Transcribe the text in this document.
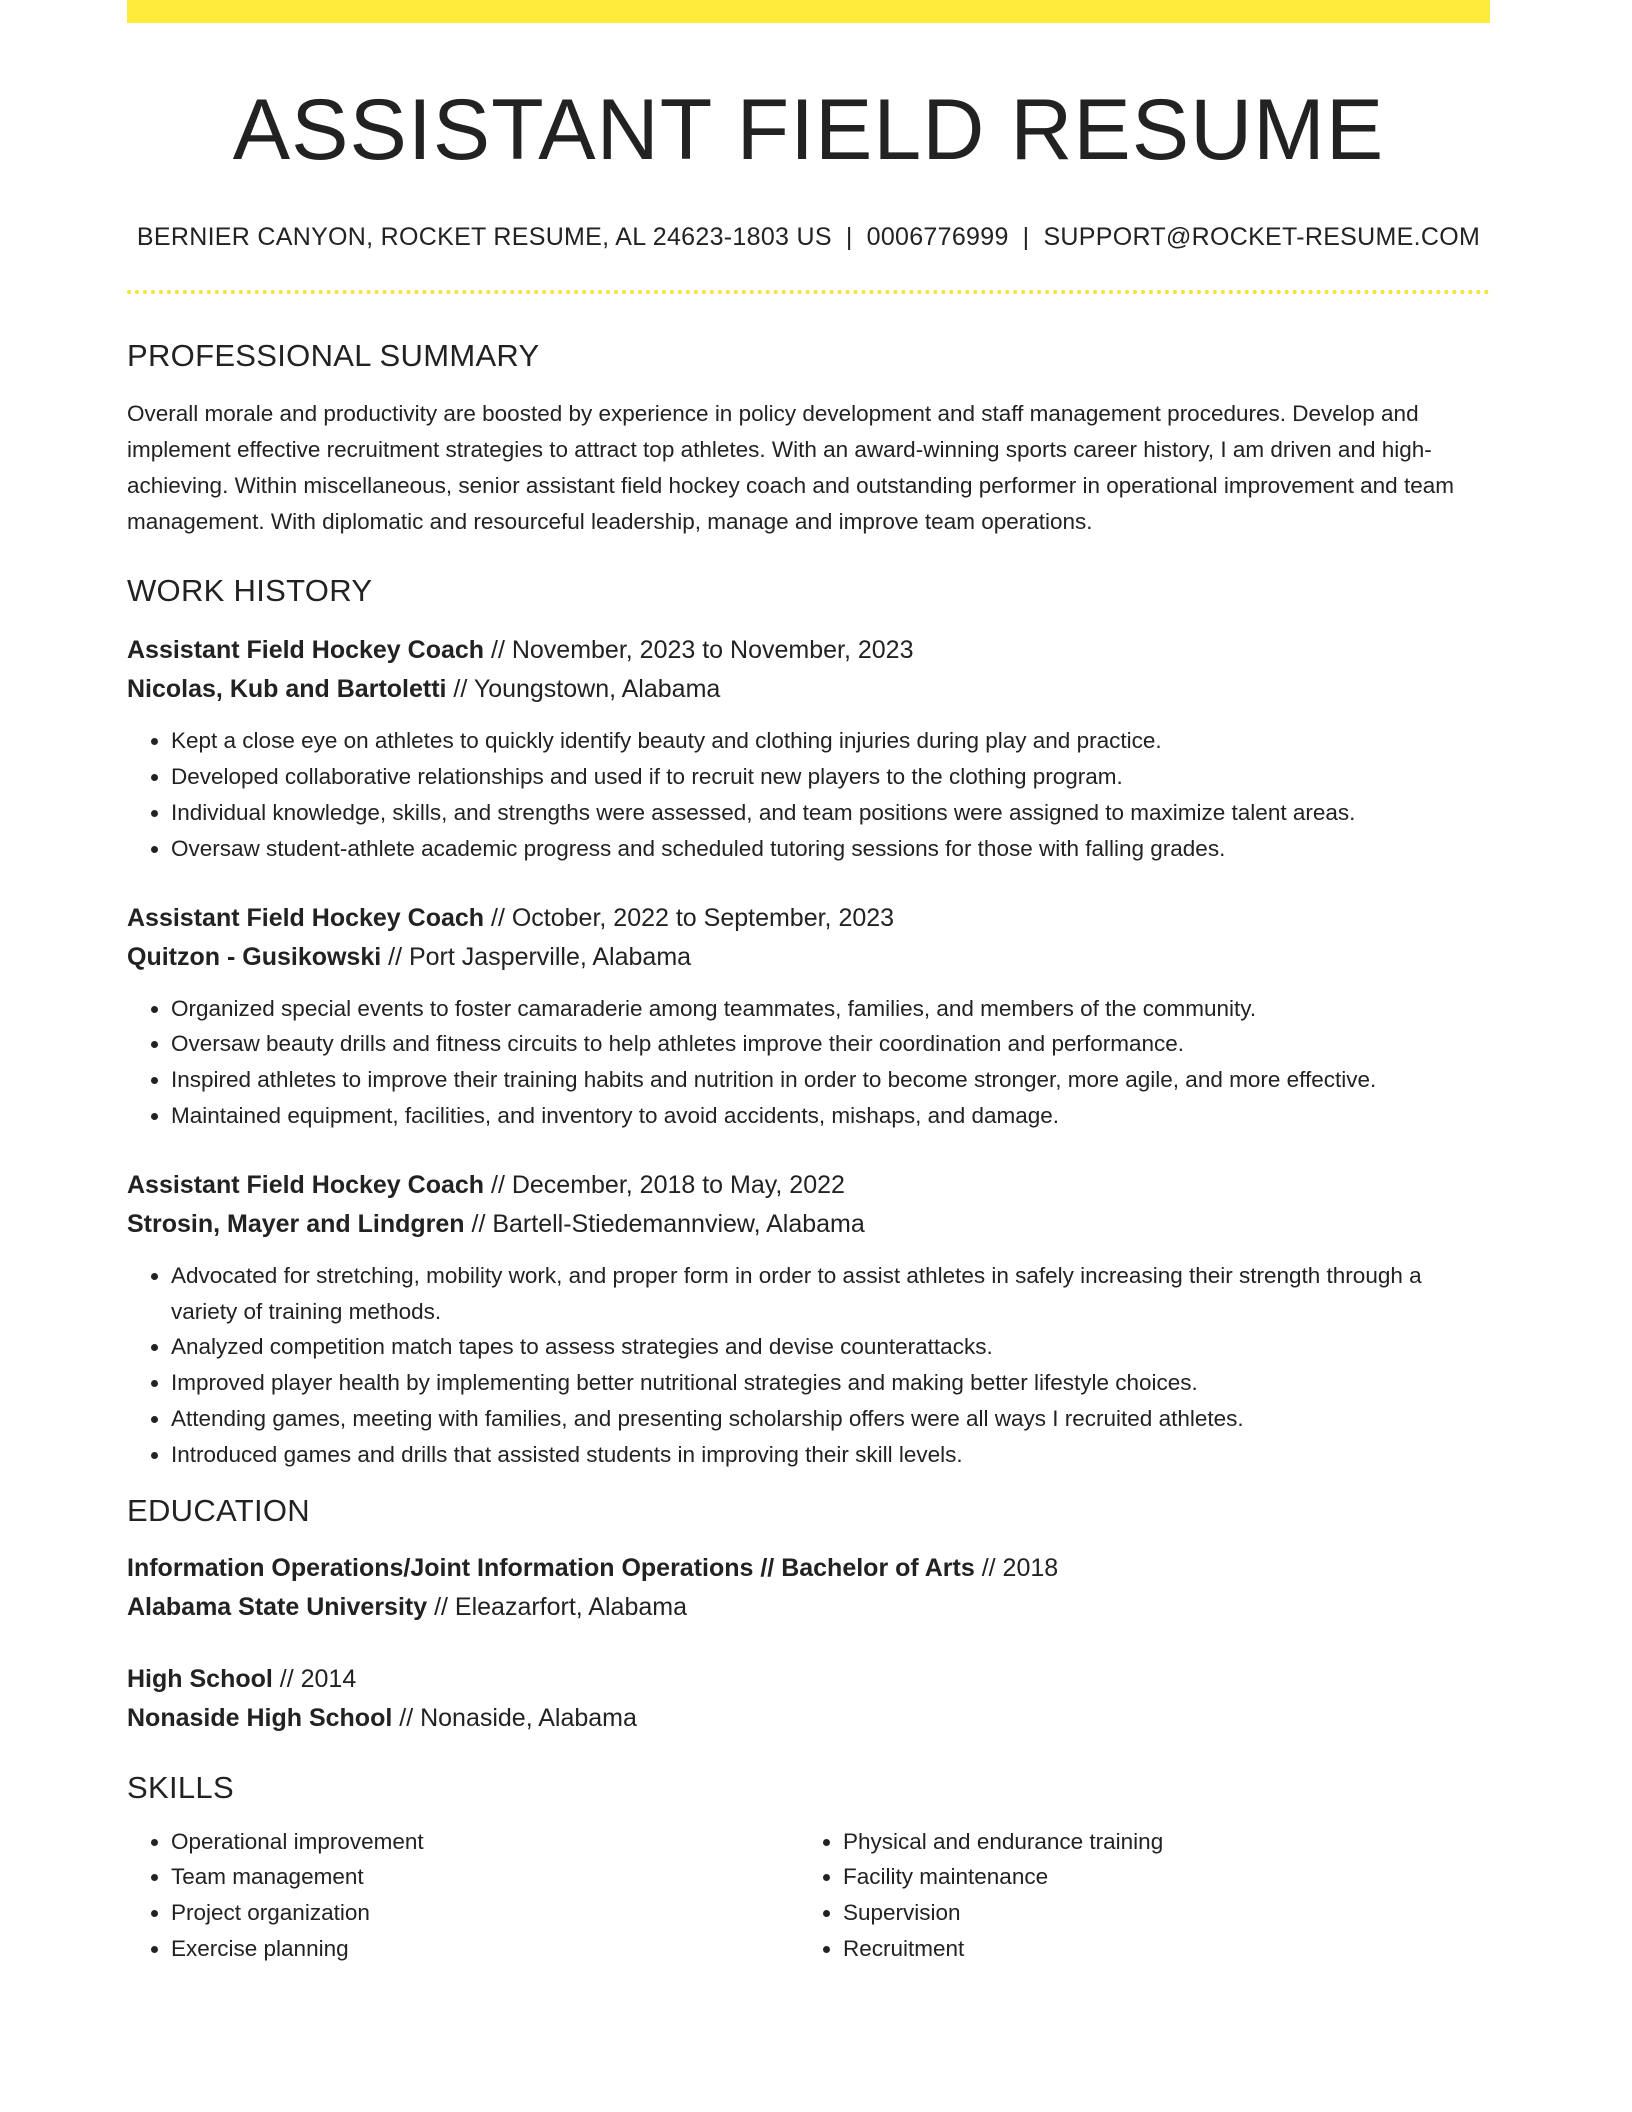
ASSISTANT FIELD RESUME
BERNIER CANYON, ROCKET RESUME, AL 24623-1803 US | 0006776999 | SUPPORT@ROCKET-RESUME.COM
PROFESSIONAL SUMMARY
Overall morale and productivity are boosted by experience in policy development and staff management procedures. Develop and implement effective recruitment strategies to attract top athletes. With an award-winning sports career history, I am driven and high-achieving. Within miscellaneous, senior assistant field hockey coach and outstanding performer in operational improvement and team management. With diplomatic and resourceful leadership, manage and improve team operations.
WORK HISTORY
Assistant Field Hockey Coach // November, 2023 to November, 2023
Nicolas, Kub and Bartoletti // Youngstown, Alabama
• Kept a close eye on athletes to quickly identify beauty and clothing injuries during play and practice.
• Developed collaborative relationships and used if to recruit new players to the clothing program.
• Individual knowledge, skills, and strengths were assessed, and team positions were assigned to maximize talent areas.
• Oversaw student-athlete academic progress and scheduled tutoring sessions for those with falling grades.
Assistant Field Hockey Coach // October, 2022 to September, 2023
Quitzon - Gusikowski // Port Jasperville, Alabama
• Organized special events to foster camaraderie among teammates, families, and members of the community.
• Oversaw beauty drills and fitness circuits to help athletes improve their coordination and performance.
• Inspired athletes to improve their training habits and nutrition in order to become stronger, more agile, and more effective.
• Maintained equipment, facilities, and inventory to avoid accidents, mishaps, and damage.
Assistant Field Hockey Coach // December, 2018 to May, 2022
Strosin, Mayer and Lindgren // Bartell-Stiedemannview, Alabama
• Advocated for stretching, mobility work, and proper form in order to assist athletes in safely increasing their strength through a variety of training methods.
• Analyzed competition match tapes to assess strategies and devise counterattacks.
• Improved player health by implementing better nutritional strategies and making better lifestyle choices.
• Attending games, meeting with families, and presenting scholarship offers were all ways I recruited athletes.
• Introduced games and drills that assisted students in improving their skill levels.
EDUCATION
Information Operations/Joint Information Operations // Bachelor of Arts // 2018
Alabama State University // Eleazarfort, Alabama
High School // 2014
Nonaside High School // Nonaside, Alabama
SKILLS
• Operational improvement
• Team management
• Project organization
• Exercise planning
• Physical and endurance training
• Facility maintenance
• Supervision
• Recruitment
